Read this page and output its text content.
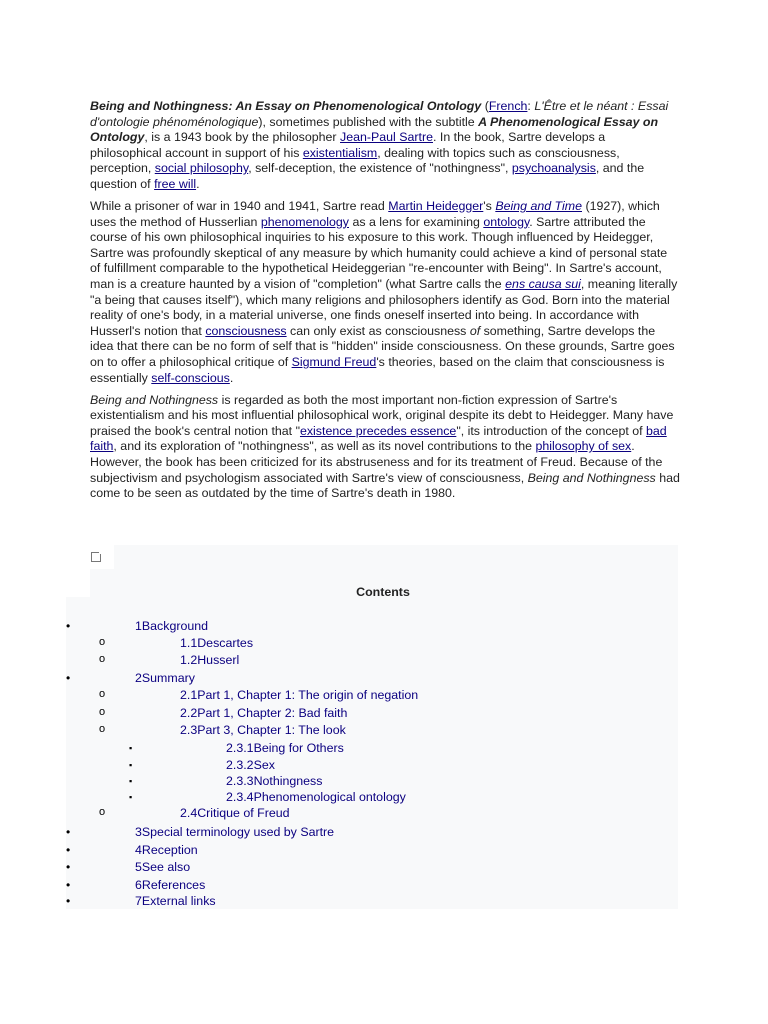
Being and Nothingness: An Essay on Phenomenological Ontology (French: L'Être et le néant : Essai d'ontologie phénoménologique), sometimes published with the subtitle A Phenomenological Essay on Ontology, is a 1943 book by the philosopher Jean-Paul Sartre. In the book, Sartre develops a philosophical account in support of his existentialism, dealing with topics such as consciousness, perception, social philosophy, self-deception, the existence of "nothingness", psychoanalysis, and the question of free will.

While a prisoner of war in 1940 and 1941, Sartre read Martin Heidegger's Being and Time (1927), which uses the method of Husserlian phenomenology as a lens for examining ontology. Sartre attributed the course of his own philosophical inquiries to his exposure to this work. Though influenced by Heidegger, Sartre was profoundly skeptical of any measure by which humanity could achieve a kind of personal state of fulfillment comparable to the hypothetical Heideggerian "re-encounter with Being". In Sartre's account, man is a creature haunted by a vision of "completion" (what Sartre calls the ens causa sui, meaning literally "a being that causes itself"), which many religions and philosophers identify as God. Born into the material reality of one's body, in a material universe, one finds oneself inserted into being. In accordance with Husserl's notion that consciousness can only exist as consciousness of something, Sartre develops the idea that there can be no form of self that is "hidden" inside consciousness. On these grounds, Sartre goes on to offer a philosophical critique of Sigmund Freud's theories, based on the claim that consciousness is essentially self-conscious.

Being and Nothingness is regarded as both the most important non-fiction expression of Sartre's existentialism and his most influential philosophical work, original despite its debt to Heidegger. Many have praised the book's central notion that "existence precedes essence", its introduction of the concept of bad faith, and its exploration of "nothingness", as well as its novel contributions to the philosophy of sex. However, the book has been criticized for its abstruseness and for its treatment of Freud. Because of the subjectivism and psychologism associated with Sartre's view of consciousness, Being and Nothingness had come to be seen as outdated by the time of Sartre's death in 1980.

Contents
•	1Background
o	1.1Descartes
o	1.2Husserl
•	2Summary
o	2.1Part 1, Chapter 1: The origin of negation
o	2.2Part 1, Chapter 2: Bad faith
o	2.3Part 3, Chapter 1: The look
▪	2.3.1Being for Others
▪	2.3.2Sex
▪	2.3.3Nothingness
▪	2.3.4Phenomenological ontology
o	2.4Critique of Freud
•	3Special terminology used by Sartre
•	4Reception
•	5See also
•	6References
•	7External links
